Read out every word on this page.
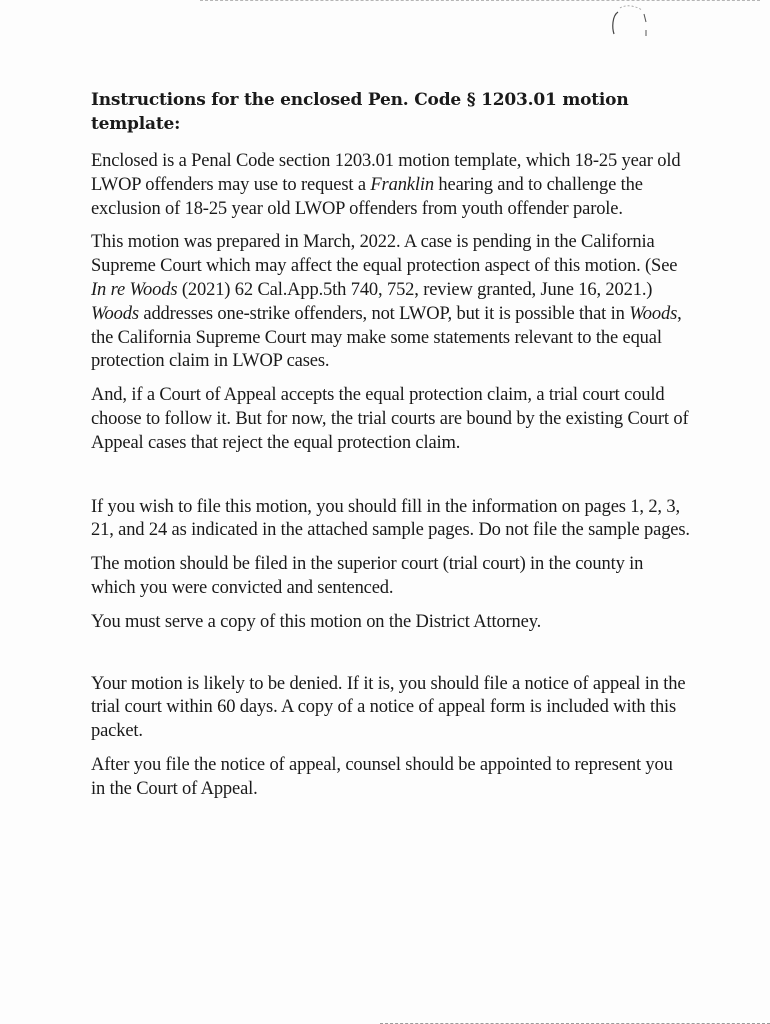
Instructions for the enclosed Pen. Code § 1203.01 motion template:

Enclosed is a Penal Code section 1203.01 motion template, which 18-25 year old LWOP offenders may use to request a Franklin hearing and to challenge the exclusion of 18-25 year old LWOP offenders from youth offender parole.

This motion was prepared in March, 2022. A case is pending in the California Supreme Court which may affect the equal protection aspect of this motion. (See In re Woods (2021) 62 Cal.App.5th 740, 752, review granted, June 16, 2021.) Woods addresses one-strike offenders, not LWOP, but it is possible that in Woods, the California Supreme Court may make some statements relevant to the equal protection claim in LWOP cases.

And, if a Court of Appeal accepts the equal protection claim, a trial court could choose to follow it. But for now, the trial courts are bound by the existing Court of Appeal cases that reject the equal protection claim.

If you wish to file this motion, you should fill in the information on pages 1, 2, 3, 21, and 24 as indicated in the attached sample pages. Do not file the sample pages.

The motion should be filed in the superior court (trial court) in the county in which you were convicted and sentenced.

You must serve a copy of this motion on the District Attorney.

Your motion is likely to be denied. If it is, you should file a notice of appeal in the trial court within 60 days. A copy of a notice of appeal form is included with this packet.

After you file the notice of appeal, counsel should be appointed to represent you in the Court of Appeal.
